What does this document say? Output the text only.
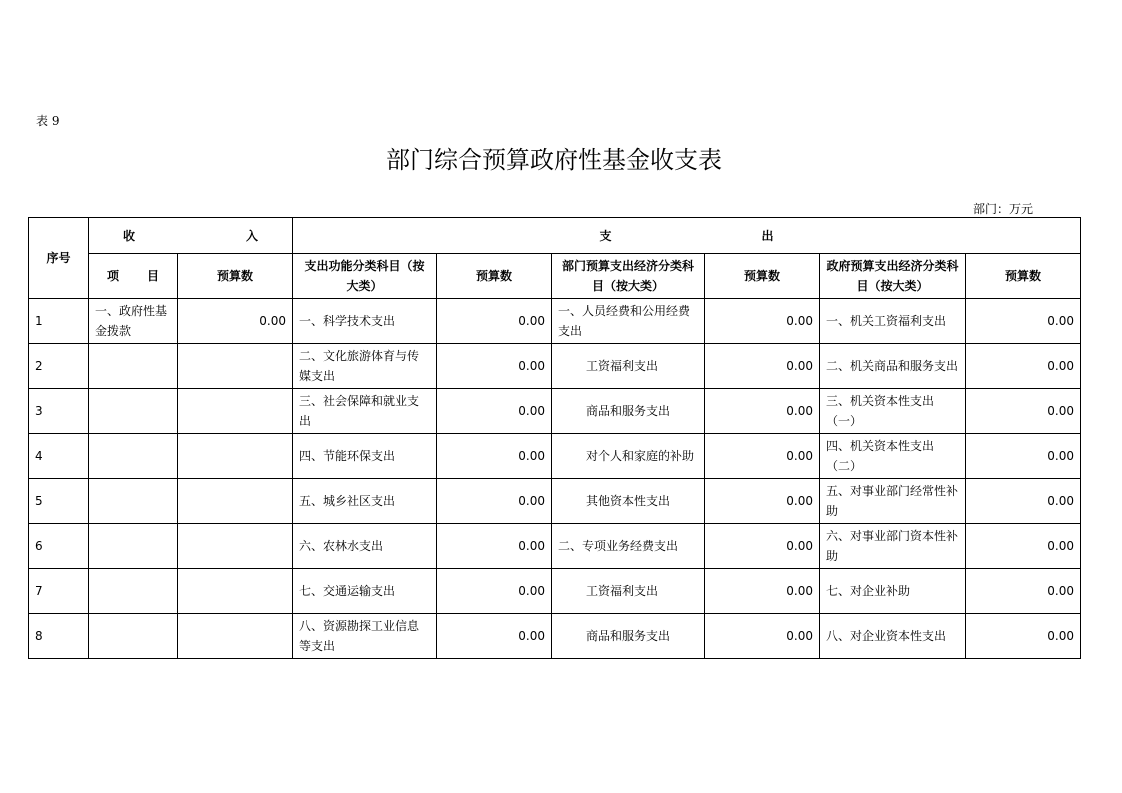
表 9
部门综合预算政府性基金收支表
部门：万元
序号	收 入		支 出					

	项 目	预算数	支出功能分类科目（按大类）	预算数	部门预算支出经济分类科目（按大类）	预算数	政府预算支出经济分类科目（按大类）	预算数
1	一、政府性基金拨款	0.00	一、科学技术支出	0.00	一、人员经费和公用经费支出	0.00	一、机关工资福利支出	0.00
2			二、文化旅游体育与传媒支出	0.00	工资福利支出	0.00	二、机关商品和服务支出	0.00
3			三、社会保障和就业支出	0.00	商品和服务支出	0.00	三、机关资本性支出（一）	0.00
4			四、节能环保支出	0.00	对个人和家庭的补助	0.00	四、机关资本性支出（二）	0.00
5			五、城乡社区支出	0.00	其他资本性支出	0.00	五、对事业部门经常性补助	0.00
6			六、农林水支出	0.00	二、专项业务经费支出	0.00	六、对事业部门资本性补助	0.00
7			七、交通运输支出	0.00	工资福利支出	0.00	七、对企业补助	0.00
8			八、资源勘探工业信息等支出	0.00	商品和服务支出	0.00	八、对企业资本性支出	0.00
